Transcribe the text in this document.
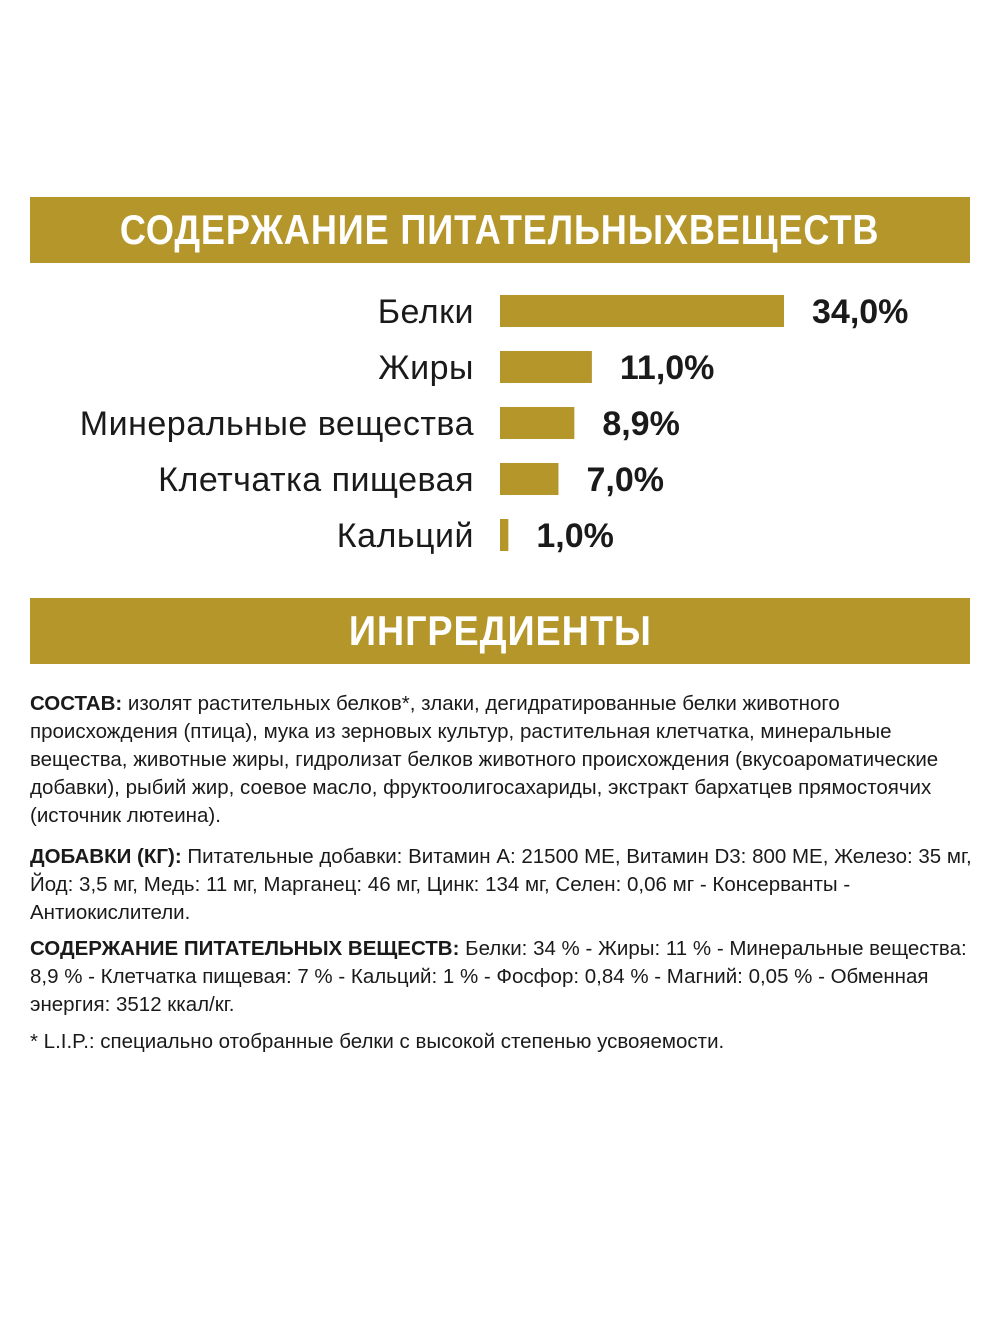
СОДЕРЖАНИЕ ПИТАТЕЛЬНЫХВЕЩЕСТВ
Белки	34,0%
Жиры	11,0%
Минеральные вещества	8,9%
Клетчатка пищевая	7,0%
Кальций 1,0%
ИНГРЕДИЕНТЫ
СОСТАВ: изолят растительных белков*, злаки, дегидратированные белки животного происхождения (птица), мука из зерновых культур, растительная клетчатка, минеральные вещества, животные жиры, гидролизат белков животного происхождения (вкусоароматические добавки), рыбий жир, соевое масло, фруктоолигосахариды, экстракт бархатцев прямостоячих (источник лютеина).
ДОБАВКИ (КГ): Питательные добавки: Витамин А: 21500 МЕ, Витамин D3: 800 МЕ, Железо: 35 мг, Йод: 3,5 мг, Медь: 11 мг, Марганец: 46 мг, Цинк: 134 мг, Селен: 0,06 мг - Консерванты - Антиокислители.
СОДЕРЖАНИЕ ПИТАТЕЛЬНЫХ ВЕЩЕСТВ: Белки: 34 % - Жиры: 11 % - Минеральные вещества: 8,9 % - Клетчатка пищевая: 7 % - Кальций: 1 % - Фосфор: 0,84 % - Магний: 0,05 % - Обменная энергия: 3512 ккал/кг.
* L.I.P.: специально отобранные белки с высокой степенью усвояемости.
